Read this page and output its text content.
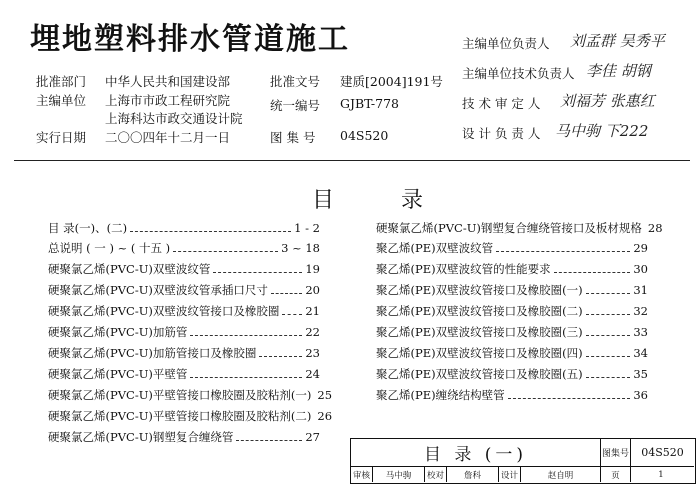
埋地塑料排水管道施工
批准部门 中华人民共和国建设部	批准文号 建质[2004]191号
主编单位 上海市市政工程研究院	统一编号 GJBT-778
上海科达市政交通设计院
实行日期 二〇〇四年十二月一日	图 集 号 04S520
主编单位负责人 刘孟群 吴秀平
主编单位技术负责人 李佳 胡钢
技 术 审 定 人 刘福芳 张惠红
设 计 负 责 人 马中驹 下222
目 录
目 录(一)、(二)	1 - 2
总说明 ( 一 ) ~ ( 十五 )	3 ~ 18
硬聚氯乙烯(PVC-U)双壁波纹管	19
硬聚氯乙烯(PVC-U)双壁波纹管承插口尺寸	20
硬聚氯乙烯(PVC-U)双壁波纹管接口及橡胶圈 21
硬聚氯乙烯(PVC-U)加筋管	22
硬聚氯乙烯(PVC-U)加筋管接口及橡胶圈	23
硬聚氯乙烯(PVC-U)平壁管	24
硬聚氯乙烯(PVC-U)平壁管接口橡胶圈及胶粘剂(一) 25
硬聚氯乙烯(PVC-U)平壁管接口橡胶圈及胶粘剂(二) 26
硬聚氯乙烯(PVC-U)钢塑复合缠绕管	27
硬聚氯乙烯(PVC-U)钢塑复合缠绕管接口及板材规格 28
聚乙烯(PE)双壁波纹管	29
聚乙烯(PE)双壁波纹管的性能要求	30
聚乙烯(PE)双壁波纹管接口及橡胶圈(一)	31
聚乙烯(PE)双壁波纹管接口及橡胶圈(二)	32
聚乙烯(PE)双壁波纹管接口及橡胶圈(三)	33
聚乙烯(PE)双壁波纹管接口及橡胶圈(四)	34
聚乙烯(PE)双壁波纹管接口及橡胶圈(五)	35
聚乙烯(PE)缠绕结构壁管	36
目 录 (一)	图集号	04S520
审核	马中驹	校对	詹科	设计	赵自明	页	1
